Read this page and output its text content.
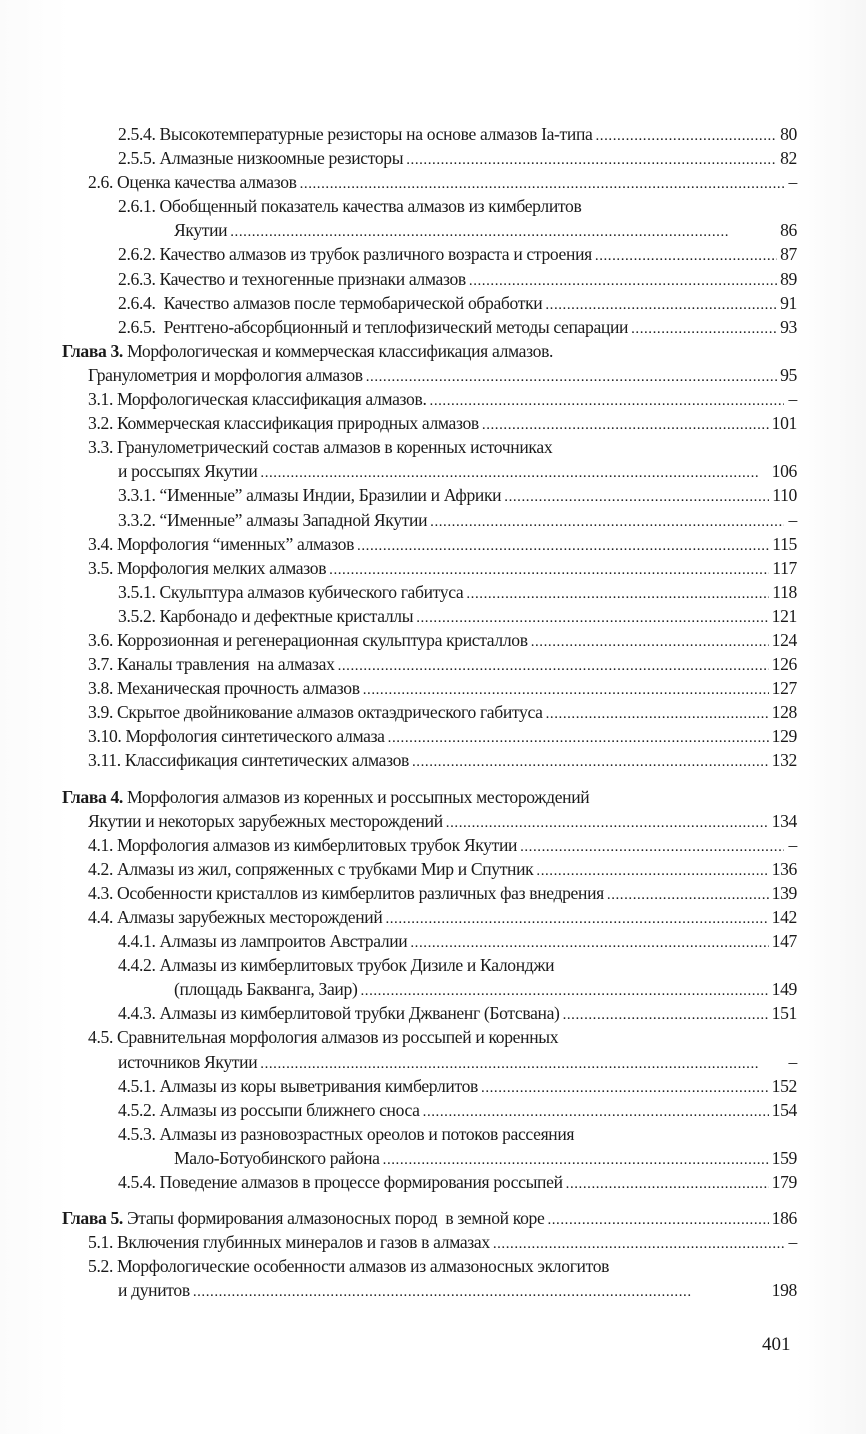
2.5.4. Высокотемпературные резисторы на основе алмазов Ia-типа . . .	80
2.5.5. Алмазные низкоомные резисторы . . .	82
2.6. Оценка качества алмазов . . .	–
2.6.1. Обобщенный показатель качества алмазов из кимберлитов
Якутии . . .	86
2.6.2. Качество алмазов из трубок различного возраста и строения . . .	87
2.6.3. Качество и техногенные признаки алмазов . . .	89
2.6.4.  Качество алмазов после термобарической обработки . . .	91
2.6.5.  Рентгено-абсорбционный и теплофизический методы сепарации . . .	93
Глава 3. Морфологическая и коммерческая классификация алмазов.
Гранулометрия и морфология алмазов . . .	95
3.1. Морфологическая классификация алмазов. . . .	–
3.2. Коммерческая классификация природных алмазов . . .	101
3.3. Гранулометрический состав алмазов в коренных источниках
и россыпях Якутии . . .	106
3.3.1. “Именные” алмазы Индии, Бразилии и Африки . . .	110
3.3.2. “Именные” алмазы Западной Якутии . . .	–
3.4. Морфология “именных” алмазов . . .	115
3.5. Морфология мелких алмазов . . .	117
3.5.1. Скульптура алмазов кубического габитуса . . .	118
3.5.2. Карбонадо и дефектные кристаллы . . .	121
3.6. Коррозионная и регенерационная скульптура кристаллов . . .	124
3.7. Каналы травления  на алмазах . . .	126
3.8. Механическая прочность алмазов . . .	127
3.9. Скрытое двойникование алмазов октаэдрического габитуса . . .	128
3.10. Морфология синтетического алмаза . . .	129
3.11. Классификация синтетических алмазов . . .	132
Глава 4. Морфология алмазов из коренных и россыпных месторождений
Якутии и некоторых зарубежных месторождений . . .	134
4.1. Морфология алмазов из кимберлитовых трубок Якутии . . .	–
4.2. Алмазы из жил, сопряженных с трубками Мир и Спутник . . .	136
4.3. Особенности кристаллов из кимберлитов различных фаз внедрения . . .	139
4.4. Алмазы зарубежных месторождений . . .	142
4.4.1. Алмазы из лампроитов Австралии . . .	147
4.4.2. Алмазы из кимберлитовых трубок Дизиле и Калонджи
(площадь Бакванга, Заир) . . .	149
4.4.3. Алмазы из кимберлитовой трубки Джваненг (Ботсвана) . . .	151
4.5. Сравнительная морфология алмазов из россыпей и коренных
источников Якутии . . .	–
4.5.1. Алмазы из коры выветривания кимберлитов . . .	152
4.5.2. Алмазы из россыпи ближнего сноса . . .	154
4.5.3. Алмазы из разновозрастных ореолов и потоков рассеяния
Мало-Ботуобинского района . . .	159
4.5.4. Поведение алмазов в процессе формирования россыпей . . .	179
Глава 5. Этапы формирования алмазоносных пород  в земной коре . . .	186
5.1. Включения глубинных минералов и газов в алмазах . . .	–
5.2. Морфологические особенности алмазов из алмазоносных эклогитов
и дунитов . . .	198
401
